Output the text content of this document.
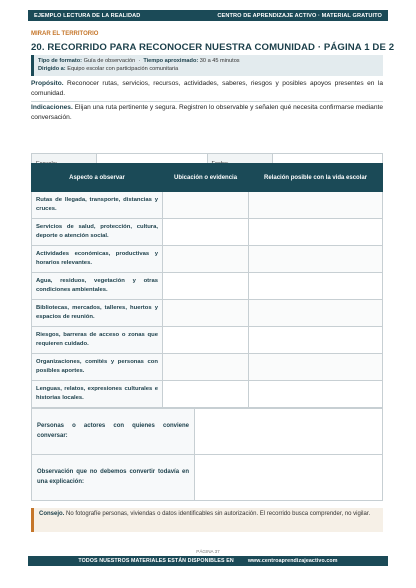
EJEMPLO LECTURA DE LA REALIDAD	CENTRO DE APRENDIZAJE ACTIVO · MATERIAL GRATUITO
MIRAR EL TERRITORIO
20. RECORRIDO PARA RECONOCER NUESTRA COMUNIDAD · PÁGINA 1 DE 2
Tipo de formato: Guía de observación · Tiempo aproximado: 30 a 45 minutos
Dirigido a: Equipo escolar con participación comunitaria
Propósito. Reconocer rutas, servicios, recursos, actividades, saberes, riesgos y posibles apoyos presentes en la comunidad.
Indicaciones. Elijan una ruta pertinente y segura. Registren lo observable y señalen qué necesita confirmarse mediante conversación.

Aspecto a observar	Ubicación o evidencia	Relación posible con la vida escolar
Rutas de llegada, transporte, distancias y cruces.		
Servicios de salud, protección, cultura, deporte o atención social.		
Actividades económicas, productivas y horarios relevantes.		
Agua, residuos, vegetación y otras condiciones ambientales.		
Bibliotecas, mercados, talleres, huertos y espacios de reunión.		
Riesgos, barreras de acceso o zonas que requieren cuidado.		
Organizaciones, comités y personas con posibles aportes.		
Lenguas, relatos, expresiones culturales e historias locales.		
Personas o actores con quienes conviene conversar:	
Observación que no debemos convertir todavía en una explicación:	
Consejo. No fotografíe personas, viviendas o datos identificables sin autorización. El recorrido busca comprender, no vigilar.
PÁGINA 37
TODOS NUESTROS MATERIALES ESTÁN DISPONIBLES EN	www.centroaprendizajeactivo.com
